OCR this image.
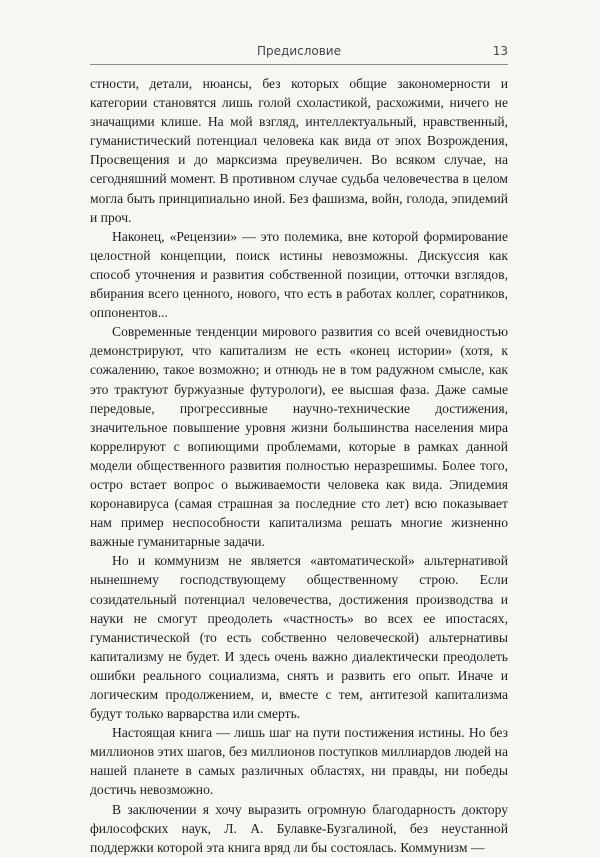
Предисловие	13

стности, детали, нюансы, без которых общие закономерности и категории становятся лишь голой схоластикой, расхожими, ничего не значащими клише. На мой взгляд, интеллектуальный, нравственный, гуманистический потенциал человека как вида от эпох Возрождения, Просвещения и до марксизма преувеличен. Во всяком случае, на сегодняшний момент. В противном случае судьба человечества в целом могла быть принципиально иной. Без фашизма, войн, голода, эпидемий и проч.

Наконец, «Рецензии» — это полемика, вне которой формирование целостной концепции, поиск истины невозможны. Дискуссия как способ уточнения и развития собственной позиции, отточки взглядов, вбирания всего ценного, нового, что есть в работах коллег, соратников, оппонентов...

Современные тенденции мирового развития со всей очевидностью демонстрируют, что капитализм не есть «конец истории» (хотя, к сожалению, такое возможно; и отнюдь не в том радужном смысле, как это трактуют буржуазные футурологи), ее высшая фаза. Даже самые передовые, прогрессивные научно-технические достижения, значительное повышение уровня жизни большинства населения мира коррелируют с вопиющими проблемами, которые в рамках данной модели общественного развития полностью неразрешимы. Более того, остро встает вопрос о выживаемости человека как вида. Эпидемия коронавируса (самая страшная за последние сто лет) всю показывает нам пример неспособности капитализма решать многие жизненно важные гуманитарные задачи.

Но и коммунизм не является «автоматической» альтернативой нынешнему господствующему общественному строю. Если созидательный потенциал человечества, достижения производства и науки не смогут преодолеть «частность» во всех ее ипостасях, гуманистической (то есть собственно человеческой) альтернативы капитализму не будет. И здесь очень важно диалектически преодолеть ошибки реального социализма, снять и развить его опыт. Иначе и логическим продолжением, и, вместе с тем, антитезой капитализма будут только варварства или смерть.

Настоящая книга — лишь шаг на пути постижения истины. Но без миллионов этих шагов, без миллионов поступков миллиардов людей на нашей планете в самых различных областях, ни правды, ни победы достичь невозможно.

В заключении я хочу выразить огромную благодарность доктору философских наук, Л. А. Булавке-Бузгалиной, без неустанной поддержки которой эта книга вряд ли бы состоялась. Коммунизм —
